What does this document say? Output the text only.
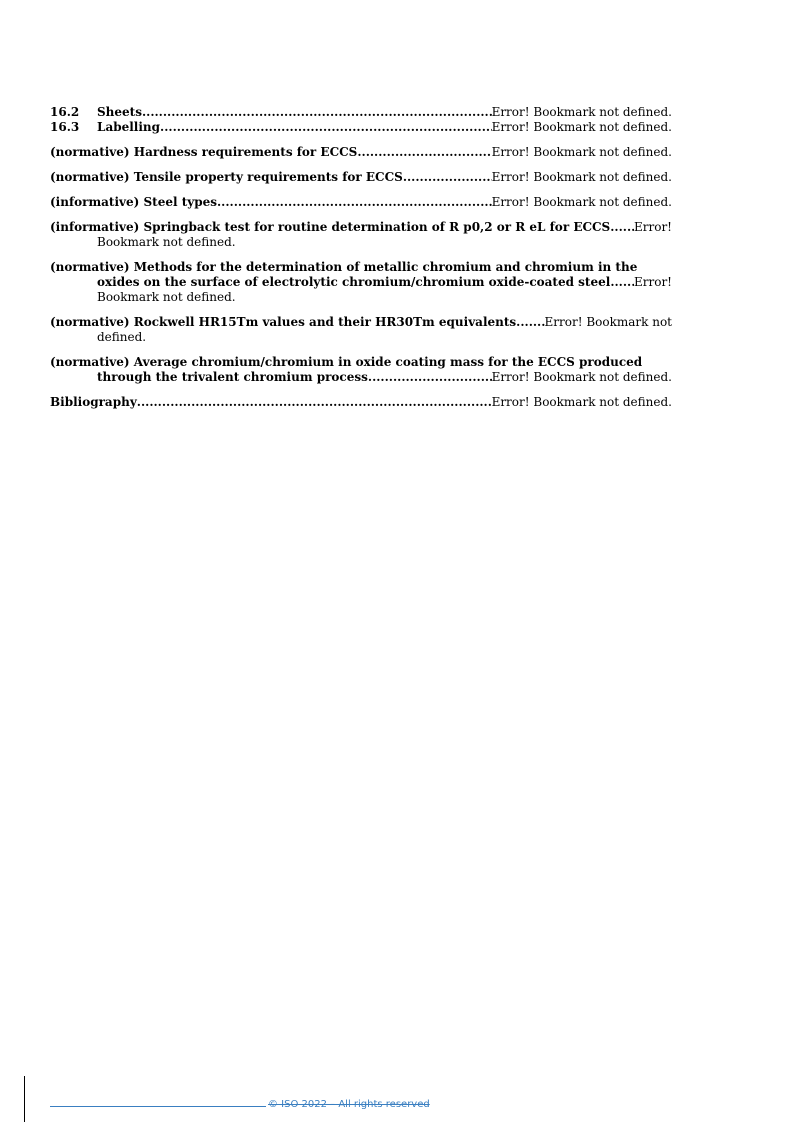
16.2	Sheets .....	Error! Bookmark not defined.
16.3	Labelling .....	Error! Bookmark not defined.
(normative) Hardness requirements for ECCS .....	Error! Bookmark not defined.
(normative) Tensile property requirements for ECCS .....	Error! Bookmark not defined.
(informative) Steel types .....	Error! Bookmark not defined.
(informative) Springback test for routine determination of R p0,2 or R eL for ECCS ..... Error!
Bookmark not defined.
(normative) Methods for the determination of metallic chromium and chromium in the
oxides on the surface of electrolytic chromium/chromium oxide-coated steel ..... Error!
Bookmark not defined.
(normative) Rockwell HR15Tm values and their HR30Tm equivalents ..... Error! Bookmark not
defined.
(normative) Average chromium/chromium in oxide coating mass for the ECCS produced
through the trivalent chromium process .....	Error! Bookmark not defined.
Bibliography .....	Error! Bookmark not defined.
© ISO 2022 – All rights reserved
